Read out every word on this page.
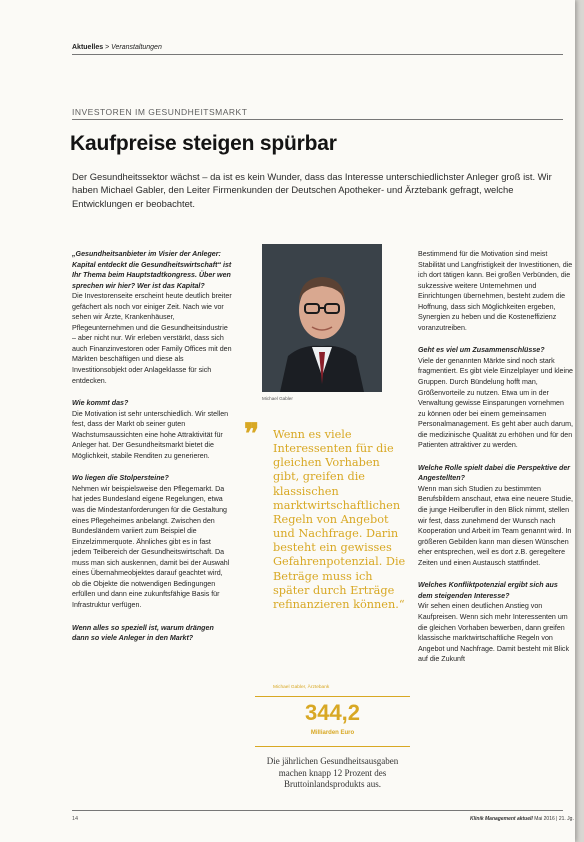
Aktuelles > Veranstaltungen
INVESTOREN IM GESUNDHEITSMARKT
Kaufpreise steigen spürbar
Der Gesundheitssektor wächst – da ist es kein Wunder, dass das Interesse unterschiedlichster Anleger groß ist. Wir haben Michael Gabler, den Leiter Firmenkunden der Deutschen Apotheker- und Ärztebank gefragt, welche Entwicklungen er beobachtet.

„Gesundheitsanbieter im Visier der Anleger: Kapital entdeckt die Gesundheitswirtschaft“ ist Ihr Thema beim Hauptstadtkongress. Über wen sprechen wir hier? Wer ist das Kapital?

Die Investorenseite erscheint heute deutlich breiter gefächert als noch vor einiger Zeit. Nach wie vor sehen wir Ärzte, Krankenhäuser, Pflegeunternehmen und die Gesundheitsindustrie – aber nicht nur. Wir erleben verstärkt, dass sich auch Finanzinvestoren oder Family Offices mit den Märkten beschäftigen und diese als Investitionsobjekt oder Anlageklasse für sich entdecken.

Wie kommt das?

Die Motivation ist sehr unterschiedlich. Wir stellen fest, dass der Markt ob seiner guten Wachstumsaussichten eine hohe Attraktivität für Anleger hat. Der Gesundheitsmarkt bietet die Möglichkeit, stabile Renditen zu generieren.

Wo liegen die Stolpersteine?

Nehmen wir beispielsweise den Pflegemarkt. Da hat jedes Bundesland eigene Regelungen, etwa was die Mindestanforderungen für die Gestaltung eines Pflegeheimes anbelangt. Zwischen den Bundesländern variiert zum Beispiel die Einzelzimmerquote. Ähnliches gibt es in fast jedem Teilbereich der Gesundheitswirtschaft. Da muss man sich auskennen, damit bei der Auswahl eines Übernahmeobjektes darauf geachtet wird, ob die Objekte die notwendigen Bedingungen erfüllen und dann eine zukunftsfähige Basis für Infrastruktur verfügen.

Wenn alles so speziell ist, warum drängen dann so viele Anleger in den Markt?

Michael Gabler
❞ Wenn es viele Interessenten für die gleichen Vorhaben gibt, greifen die klassischen marktwirtschaftlichen Regeln von Angebot und Nachfrage. Darin besteht ein gewisses Gefahrenpotenzial. Die Beträge muss ich später durch Erträge refinanzieren können.“
Michael Gabler, Ärztebank
344,2
Milliarden Euro
Die jährlichen Gesundheitsausgaben machen knapp 12 Prozent des Bruttoinlandsprodukts aus.

Bestimmend für die Motivation sind meist Stabilität und Langfristigkeit der Investitionen, die ich dort tätigen kann. Bei großen Verbünden, die sukzessive weitere Unternehmen und Einrichtungen übernehmen, besteht zudem die Hoffnung, dass sich Möglichkeiten ergeben, Synergien zu heben und die Kosteneffizienz voranzutreiben.

Geht es viel um Zusammenschlüsse?

Viele der genannten Märkte sind noch stark fragmentiert. Es gibt viele Einzelplayer und kleine Gruppen. Durch Bündelung hofft man, Größenvorteile zu nutzen. Etwa um in der Verwaltung gewisse Einsparungen vornehmen zu können oder bei einem gemeinsamen Personalmanagement. Es geht aber auch darum, die medizinische Qualität zu erhöhen und für den Patienten attraktiver zu werden.

Welche Rolle spielt dabei die Perspektive der Angestellten?

Wenn man sich Studien zu bestimmten Berufsbildern anschaut, etwa eine neuere Studie, die junge Heilberufler in den Blick nimmt, stellen wir fest, dass zunehmend der Wunsch nach Kooperation und Arbeit im Team genannt wird. In größeren Gebilden kann man diesen Wünschen eher entsprechen, weil es dort z.B. geregeltere Zeiten und einen Austausch stattfindet.

Welches Konfliktpotenzial ergibt sich aus dem steigenden Interesse?

Wir sehen einen deutlichen Anstieg von Kaufpreisen. Wenn sich mehr Interessenten um die gleichen Vorhaben bewerben, dann greifen klassische marktwirtschaftliche Regeln von Angebot und Nachfrage. Damit besteht mit Blick auf die Zukunft

14	Klinik Management aktuell Mai 2016 | 21. Jg.
